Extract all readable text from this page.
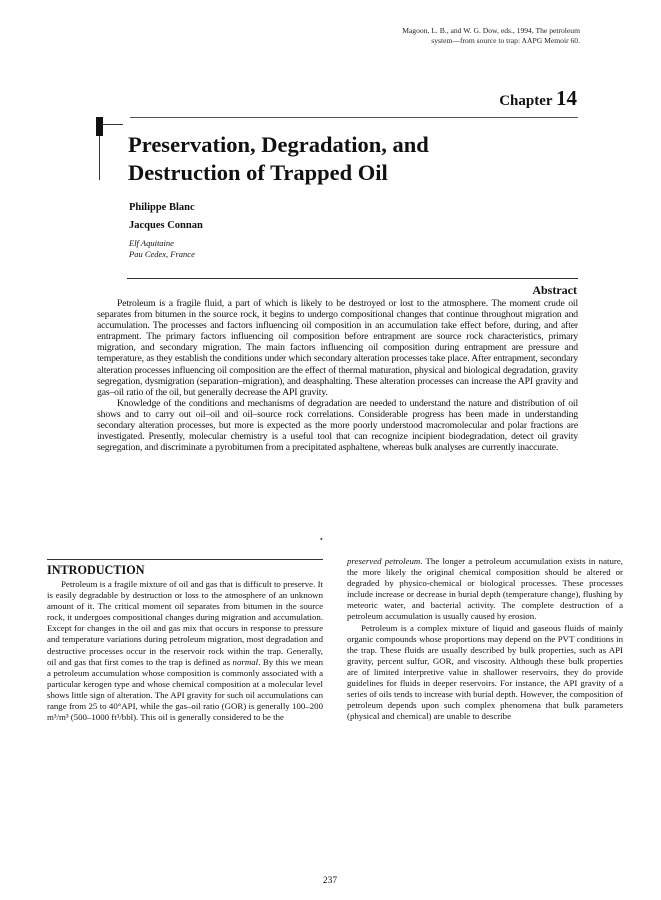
Magoon, L. B., and W. G. Dow, eds., 1994, The petroleum
system—from source to trap: AAPG Memoir 60.
Chapter 14
Preservation, Degradation, and
Destruction of Trapped Oil
Philippe Blanc
Jacques Connan
Elf Aquitaine
Pau Cedex, France
Abstract

Petroleum is a fragile fluid, a part of which is likely to be destroyed or lost to the atmosphere. The moment crude oil separates from bitumen in the source rock, it begins to undergo compositional changes that continue throughout migration and accumulation. The processes and factors influencing oil composition in an accumulation take effect before, during, and after entrapment. The primary factors influencing oil composition before entrapment are source rock characteristics, primary migration, and secondary migration. The main factors influencing oil composition during entrapment are pressure and temperature, as they establish the conditions under which secondary alteration processes take place. After entrapment, secondary alteration processes influencing oil composition are the effect of thermal maturation, physical and biological degradation, gravity segregation, dysmigration (separation–migration), and deasphalting. These alteration processes can increase the API gravity and gas–oil ratio of the oil, but generally decrease the API gravity.

Knowledge of the conditions and mechanisms of degradation are needed to understand the nature and distribution of oil shows and to carry out oil–oil and oil–source rock correlations. Considerable progress has been made in understanding secondary alteration processes, but more is expected as the more poorly understood macromolecular and polar fractions are investigated. Presently, molecular chemistry is a useful tool that can recognize incipient biodegradation, detect oil gravity segregation, and discriminate a pyrobitumen from a precipitated asphaltene, whereas bulk analyses are currently inaccurate.

•
INTRODUCTION

Petroleum is a fragile mixture of oil and gas that is difficult to preserve. It is easily degradable by destruction or loss to the atmosphere of an unknown amount of it. The critical moment oil separates from bitumen in the source rock, it undergoes compositional changes during migration and accumulation. Except for changes in the oil and gas mix that occurs in response to pressure and temperature variations during petroleum migration, most degradation and destructive processes occur in the reservoir rock within the trap. Generally, oil and gas that first comes to the trap is defined as normal. By this we mean a petroleum accumulation whose composition is commonly associated with a particular kerogen type and whose chemical composition at a molecular level shows little sign of alteration. The API gravity for such oil accumulations can range from 25 to 40°API, while the gas–oil ratio (GOR) is generally 100–200 m³/m³ (500–1000 ft³/bbl). This oil is generally considered to be the

preserved petroleum. The longer a petroleum accumulation exists in nature, the more likely the original chemical composition should be altered or degraded by physico-chemical or biological processes. These processes include increase or decrease in burial depth (temperature change), flushing by meteoric water, and bacterial activity. The complete destruction of a petroleum accumulation is usually caused by erosion.

Petroleum is a complex mixture of liquid and gaseous fluids of mainly organic compounds whose proportions may depend on the PVT conditions in the trap. These fluids are usually described by bulk properties, such as API gravity, percent sulfur, GOR, and viscosity. Although these bulk properties are of limited interpretive value in shallower reservoirs, they do provide guidelines for fluids in deeper reservoirs. For instance, the API gravity of a series of oils tends to increase with burial depth. However, the composition of petroleum depends upon such complex phenomena that bulk parameters (physical and chemical) are unable to describe

237
